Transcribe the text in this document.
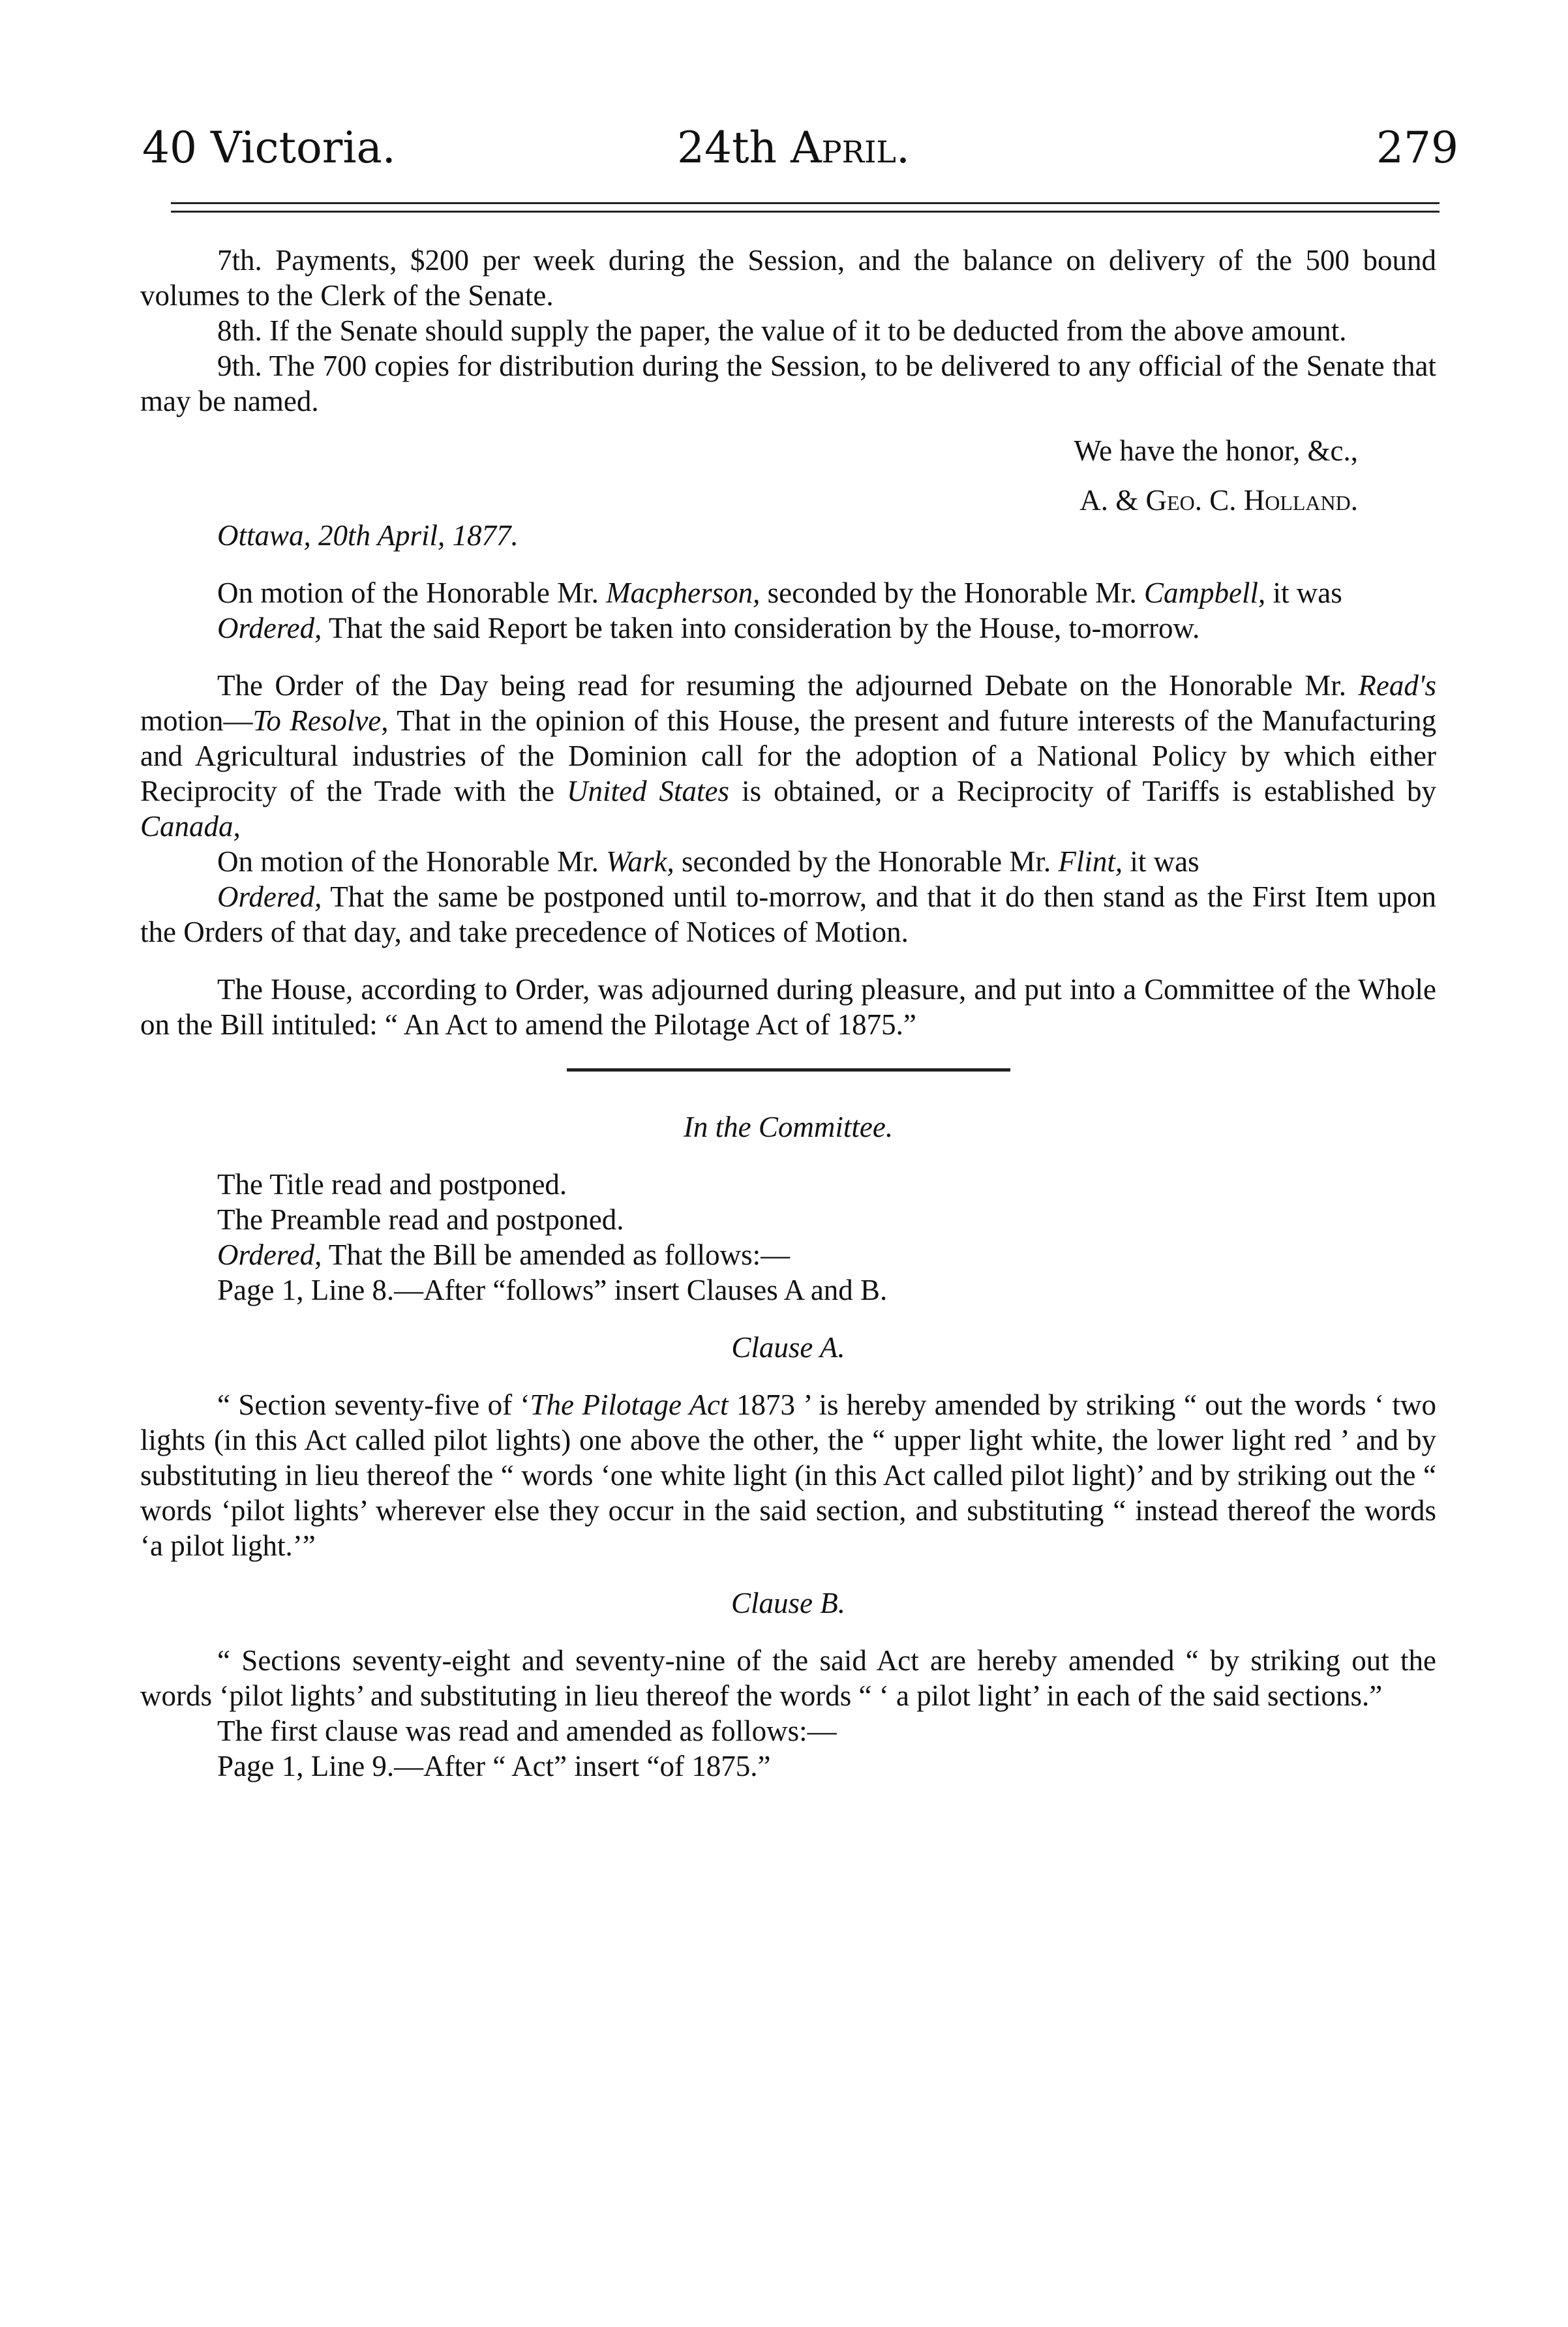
40 Victoria.	24th April.	279

7th. Payments, $200 per week during the Session, and the balance on delivery of the 500 bound volumes to the Clerk of the Senate.

8th. If the Senate should supply the paper, the value of it to be deducted from the above amount.

9th. The 700 copies for distribution during the Session, to be delivered to any official of the Senate that may be named.

We have the honor, &c.,

A. & Geo. C. Holland.

Ottawa, 20th April, 1877.

On motion of the Honorable Mr. Macpherson, seconded by the Honorable Mr. Campbell, it was

Ordered, That the said Report be taken into consideration by the House, to-morrow.

The Order of the Day being read for resuming the adjourned Debate on the Honorable Mr. Read's motion—To Resolve, That in the opinion of this House, the present and future interests of the Manufacturing and Agricultural industries of the Dominion call for the adoption of a National Policy by which either Reciprocity of the Trade with the United States is obtained, or a Reciprocity of Tariffs is established by Canada,

On motion of the Honorable Mr. Wark, seconded by the Honorable Mr. Flint, it was

Ordered, That the same be postponed until to-morrow, and that it do then stand as the First Item upon the Orders of that day, and take precedence of Notices of Motion.

The House, according to Order, was adjourned during pleasure, and put into a Committee of the Whole on the Bill intituled: “ An Act to amend the Pilotage Act of 1875.”

In the Committee.

The Title read and postponed.

The Preamble read and postponed.

Ordered, That the Bill be amended as follows:—

Page 1, Line 8.—After “follows” insert Clauses A and B.

Clause A.

“ Section seventy-five of ‘The Pilotage Act 1873 ’ is hereby amended by striking “ out the words ‘ two lights (in this Act called pilot lights) one above the other, the “ upper light white, the lower light red ’ and by substituting in lieu thereof the “ words ‘one white light (in this Act called pilot light)’ and by striking out the “ words ‘pilot lights’ wherever else they occur in the said section, and substituting “ instead thereof the words ‘a pilot light.’”

Clause B.

“ Sections seventy-eight and seventy-nine of the said Act are hereby amended “ by striking out the words ‘pilot lights’ and substituting in lieu thereof the words “ ‘ a pilot light’ in each of the said sections.”

The first clause was read and amended as follows:—

Page 1, Line 9.—After “ Act” insert “of 1875.”
